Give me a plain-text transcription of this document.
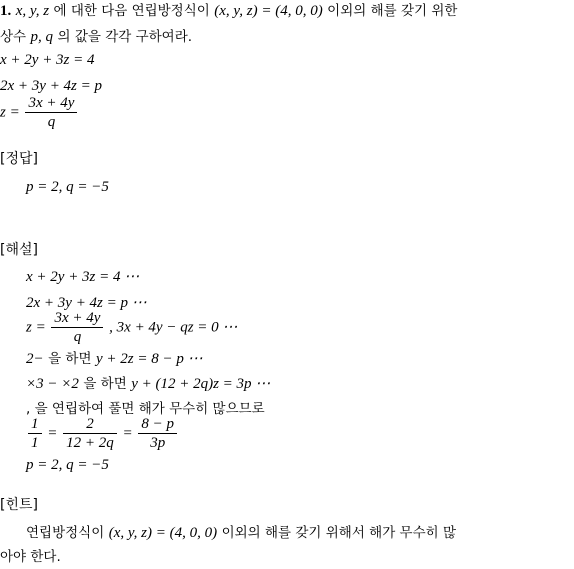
1. x, y, z 에 대한 다음 연립방정식이 (x, y, z) = (4, 0, 0) 이외의 해를 갖기 위한
상수 p, q 의 값을 각각 구하여라.
x + 2y + 3z = 4
2x + 3y + 4z = p
$z = \frac{3x + 4y}{q}$
[정답]
p = 2, q = −5
[해설]
x + 2y + 3z = 4 ⋯
2x + 3y + 4z = p ⋯
$z = \frac{3x + 4y}{q}$ , 3x + 4y − qz = 0 ⋯
2− 을 하면 y + 2z = 8 − p ⋯
×3 − ×2 을 하면 y + (12 + 2q)z = 3p ⋯
, 을 연립하여 풀면 해가 무수히 많으므로
$\frac{1}{1} = \frac{2}{12 + 2q} = \frac{8 - p}{3p}$
p = 2, q = −5
[힌트]
연립방정식이 (x, y, z) = (4, 0, 0) 이외의 해를 갖기 위해서 해가 무수히 많
아야 한다.
